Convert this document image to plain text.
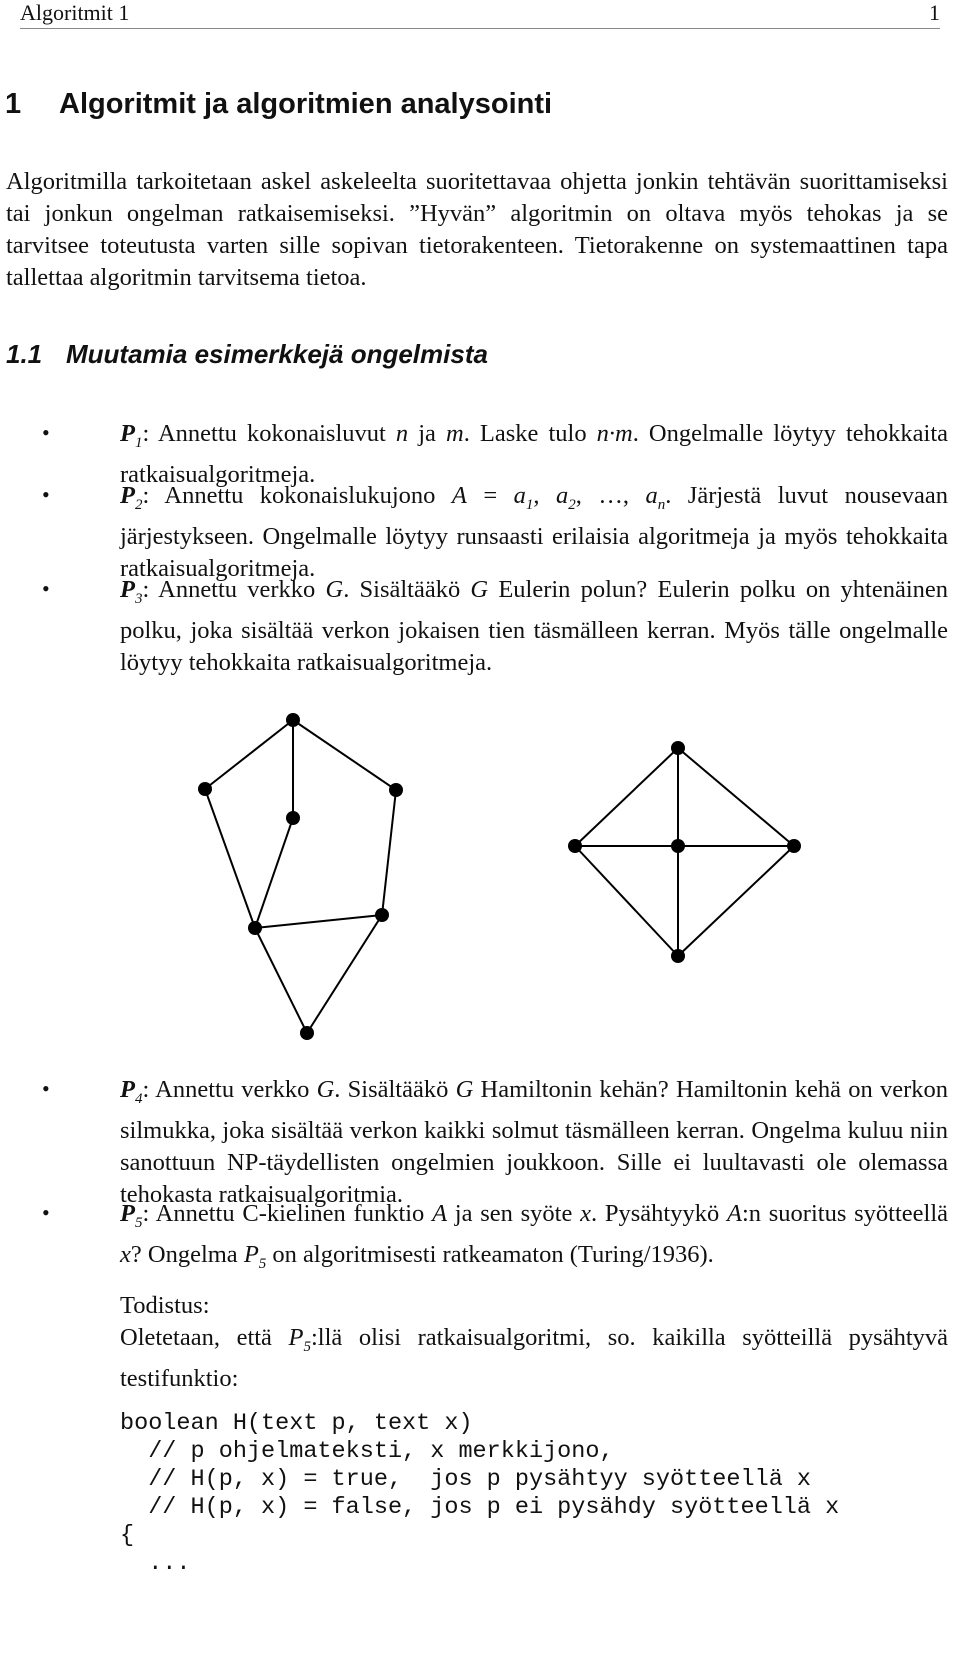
Algoritmit 1	1
1 Algoritmit ja algoritmien analysointi
Algoritmilla tarkoitetaan askel askeleelta suoritettavaa ohjetta jonkin tehtävän suorittamiseksi tai jonkun ongelman ratkaisemiseksi. ”Hyvän” algoritmin on oltava myös tehokas ja se tarvitsee toteutusta varten sille sopivan tietorakenteen. Tietorakenne on systemaattinen tapa tallettaa algoritmin tarvitsema tietoa.
1.1 Muutamia esimerkkejä ongelmista
•	$P_1$: Annettu kokonaisluvut n ja m. Laske tulo n·m. Ongelmalle löytyy tehokkaita ratkaisualgoritmeja.
•	$P_2$: Annettu kokonaislukujono $A = a_1$, $a_2$, …, $a_n$. Järjestä luvut nousevaan järjestykseen. Ongelmalle löytyy runsaasti erilaisia algoritmeja ja myös tehokkaita ratkaisualgoritmeja.
•	$P_3$: Annettu verkko G. Sisältääkö G Eulerin polun? Eulerin polku on yhtenäinen polku, joka sisältää verkon jokaisen tien täsmälleen kerran. Myös tälle ongelmalle löytyy tehokkaita ratkaisualgoritmeja.
•	$P_4$: Annettu verkko G. Sisältääkö G Hamiltonin kehän? Hamiltonin kehä on verkon silmukka, joka sisältää verkon kaikki solmut täsmälleen kerran. Ongelma kuluu niin sanottuun NP-täydellisten ongelmien joukkoon. Sille ei luultavasti ole olemassa tehokasta ratkaisualgoritmia.
•	$P_5$: Annettu C-kielinen funktio A ja sen syöte x. Pysähtyykö A:n suoritus syötteellä x? Ongelma $P_5$ on algoritmisesti ratkeamaton (Turing/1936).
Todistus:
Oletetaan, että $P_5:llä$ olisi ratkaisualgoritmi, so. kaikilla syötteillä pysähtyvä testifunktio:
boolean H(text p, text x)
// p ohjelmateksti, x merkkijono,
// H(p, x) = true,  jos p pysähtyy syötteellä x
// H(p, x) = false, jos p ei pysähdy syötteellä x
{
...
